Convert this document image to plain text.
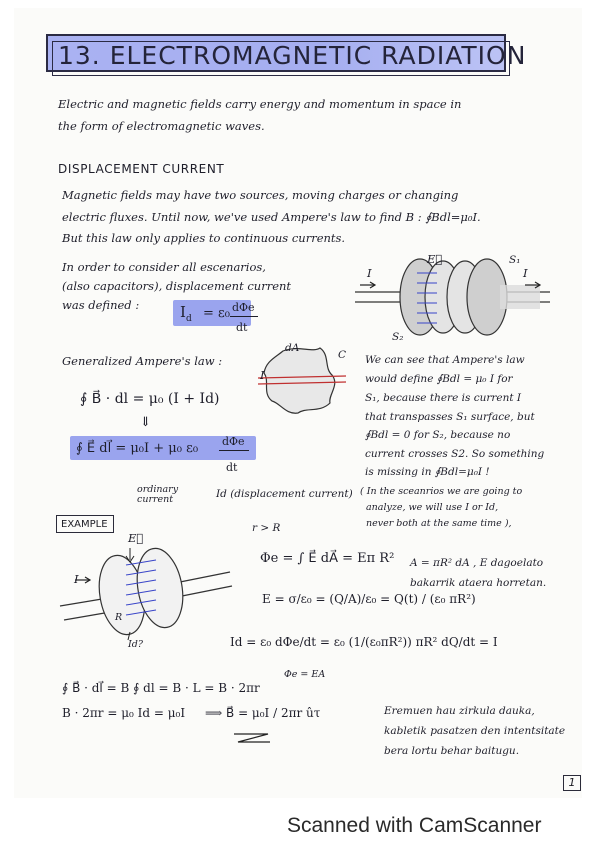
13. ELECTROMAGNETIC RADIATION
Electric and magnetic fields carry energy and momentum in space in
the form of electromagnetic waves.
DISPLACEMENT CURRENT
Magnetic fields may have two sources, moving charges or changing
electric fluxes. Until now, we've used Ampere's law to find B : ∮Bdl=μ₀I.
But this law only applies to continuous currents.
In order to consider all escenarios,
(also capacitors), displacement current
was defined :	$I_d = \varepsilon_0$ dΦe
dt
Generalized Ampere's law :
∮ B⃗ · dl = μ₀ (I + Id)
⇓
∮ E⃗ dl⃗ = μ₀I + μ₀ ε₀ dΦe
dt
ordinary current	Id (displacement current)
I	I
E⃗	S₁
S₂
dA
C
I
We can see that Ampere's law
would define ∮Bdl = μ₀ I for
S₁, because there is current I
that transpasses S₁ surface, but
∮Bdl = 0 for S₂, because no
current crosses S2. So something
is missing in ∮Bdl=μ₀I !
( In the sceanrios we are going to
analyze, we will use I or Id,
never both at the same time ),
EXAMPLE
I
E⃗
R
Id?
r > R
Φe = ∫ E⃗ dA⃗ = Eπ R² A = πR² dA , E dagoelato
bakarrik ataera horretan.
E = σ/ε₀ = (Q/A)/ε₀ = Q(t) / (ε₀ πR²)
Id = ε₀ dΦe/dt = ε₀ (1/(ε₀πR²)) πR² dQ/dt = I
Φe = EA
∮ B⃗ · dl⃗ = B ∮ dl = B · L = B · 2πr
B · 2πr = μ₀ Id = μ₀I ⟹ B⃗ = μ₀I / 2πr ûτ	Eremuen hau zirkula dauka,
kabletik pasatzen den intentsitate
bera lortu behar baitugu.
1
Scanned with CamScanner
